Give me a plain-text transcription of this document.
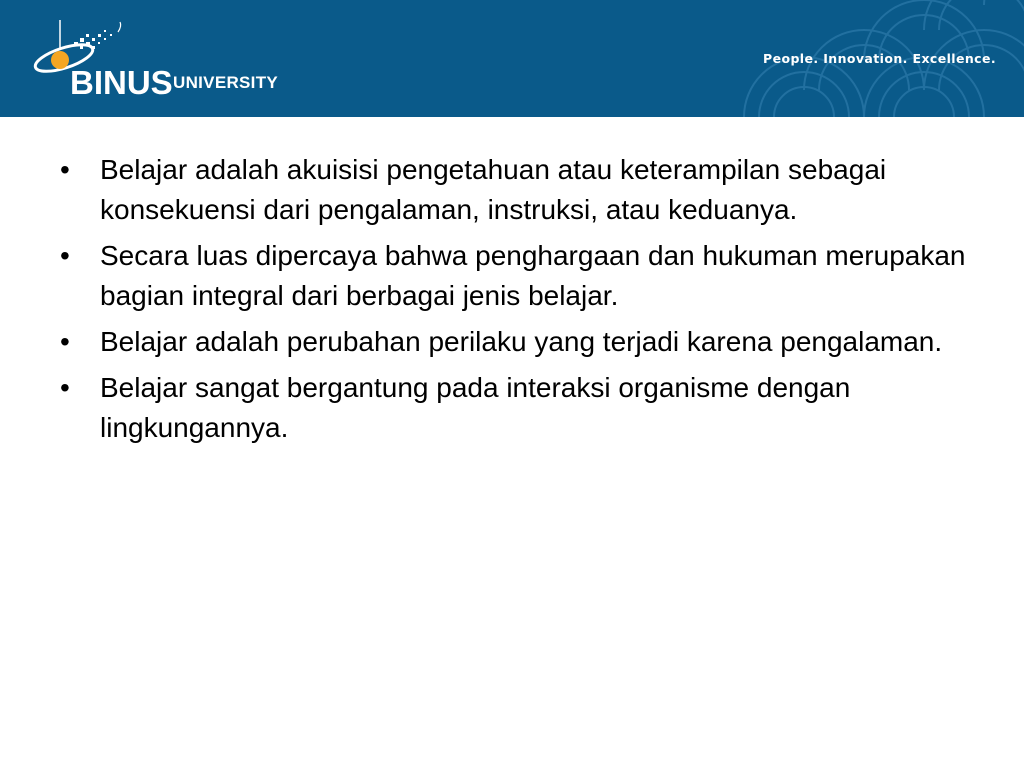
BINUS UNIVERSITY
People. Innovation. Excellence.
• Belajar adalah akuisisi pengetahuan atau keterampilan sebagai konsekuensi dari pengalaman, instruksi, atau keduanya.
• Secara luas dipercaya bahwa penghargaan dan hukuman merupakan bagian integral dari berbagai jenis belajar.
• Belajar adalah perubahan perilaku yang terjadi karena pengalaman.
• Belajar sangat bergantung pada interaksi organisme dengan lingkungannya.
